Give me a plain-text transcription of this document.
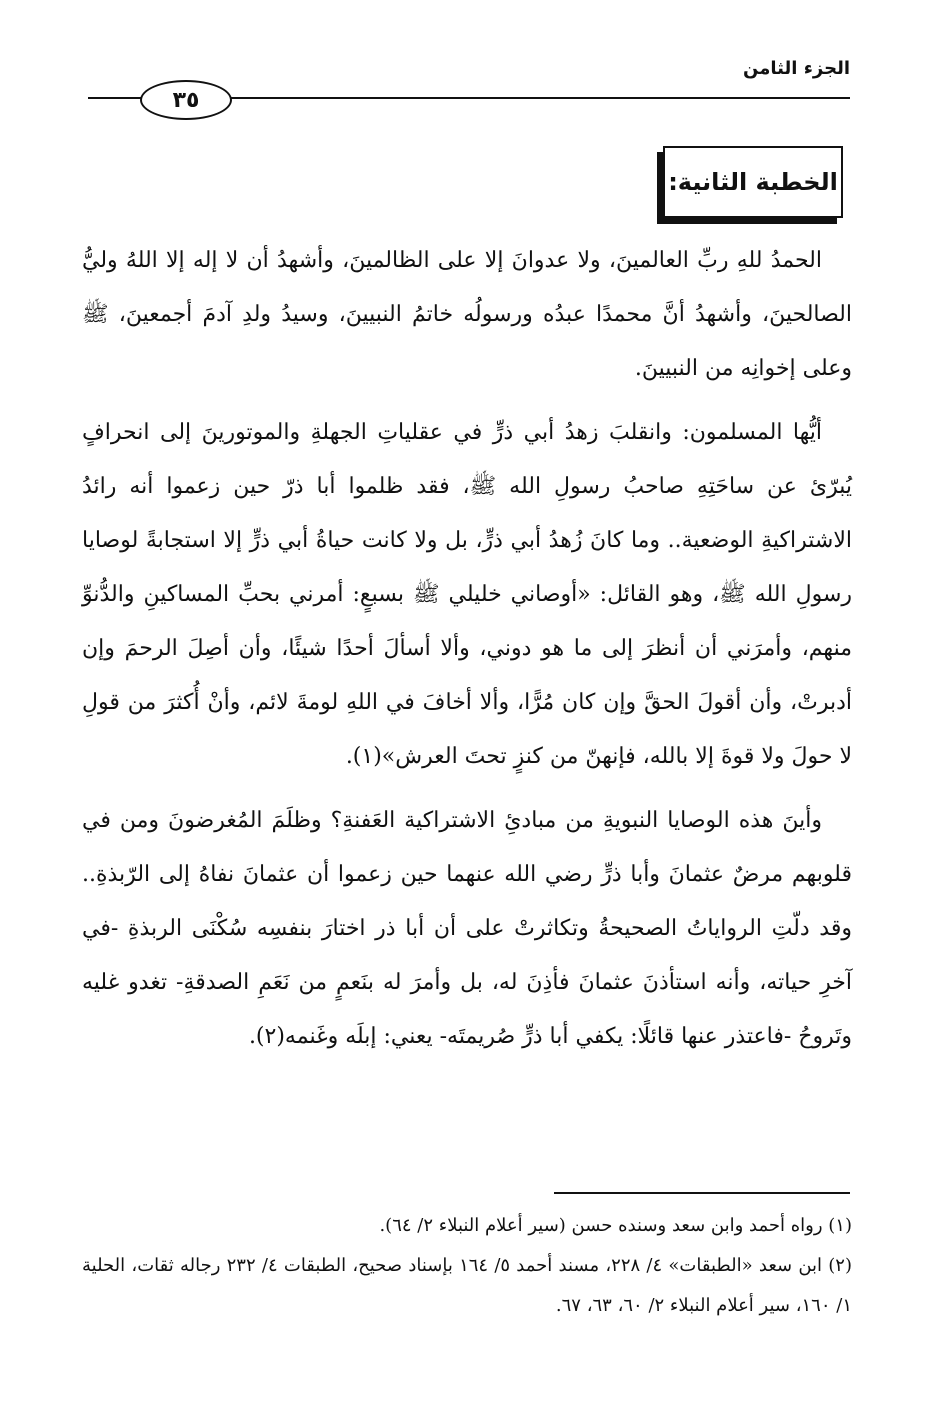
الجزء الثامن
٣٥
الخطبة الثانية:

الحمدُ للهِ ربِّ العالمينَ، ولا عدوانَ إلا على الظالمينَ، وأشهدُ أن لا إله إلا اللهُ وليُّ الصالحينَ، وأشهدُ أنَّ محمدًا عبدُه ورسولُه خاتمُ النبيينَ، وسيدُ ولدِ آدمَ أجمعينَ، ﷺ وعلى إخوانِه من النبيينَ.

أيُّها المسلمون: وانقلبَ زهدُ أبي ذرٍّ في عقلياتِ الجهلةِ والموتورينَ إلى انحرافٍ يُبرّئ عن ساحَتِهِ صاحبُ رسولِ الله ﷺ، فقد ظلموا أبا ذرّ حين زعموا أنه رائدُ الاشتراكيةِ الوضعية.. وما كانَ زُهدُ أبي ذرٍّ، بل ولا كانت حياةُ أبي ذرٍّ إلا استجابةً لوصايا رسولِ الله ﷺ، وهو القائل: «أوصاني خليلي ﷺ بسبعٍ: أمرني بحبِّ المساكينِ والدُّنوِّ منهم، وأمرَني أن أنظرَ إلى ما هو دوني، وألا أسألَ أحدًا شيئًا، وأن أصِلَ الرحمَ وإن أدبرتْ، وأن أقولَ الحقَّ وإن كان مُرًّا، وألا أخافَ في اللهِ لومةَ لائم، وأنْ أُكثرَ من قولِ لا حولَ ولا قوةَ إلا بالله، فإنهنّ من كنزٍ تحتَ العرش»(١).

وأينَ هذه الوصايا النبويةِ من مبادئِ الاشتراكية العَفنةِ؟ وظلَمَ المُغرضونَ ومن في قلوبهم مرضٌ عثمانَ وأبا ذرٍّ رضي الله عنهما حين زعموا أن عثمانَ نفاهُ إلى الرّبذةِ.. وقد دلّتِ الرواياتُ الصحيحةُ وتكاثرتْ على أن أبا ذر اختارَ بنفسِه سُكْنَى الربذةِ -في آخرِ حياته، وأنه استأذنَ عثمانَ فأذِنَ له، بل وأمرَ له بنَعمٍ من نَعَمِ الصدقةِ- تغدو غليه وتَروحُ -فاعتذر عنها قائلًا: يكفي أبا ذرٍّ صُريمتَه- يعني: إبلَه وغَنمه(٢).

(١) رواه أحمد وابن سعد وسنده حسن (سير أعلام النبلاء ٢/ ٦٤).

(٢) ابن سعد «الطبقات» ٤/ ٢٢٨، مسند أحمد ٥/ ١٦٤ بإسناد صحيح، الطبقات ٤/ ٢٣٢ رجاله ثقات، الحلية ١/ ١٦٠، سير أعلام النبلاء ٢/ ٦٠، ٦٣، ٦٧.
